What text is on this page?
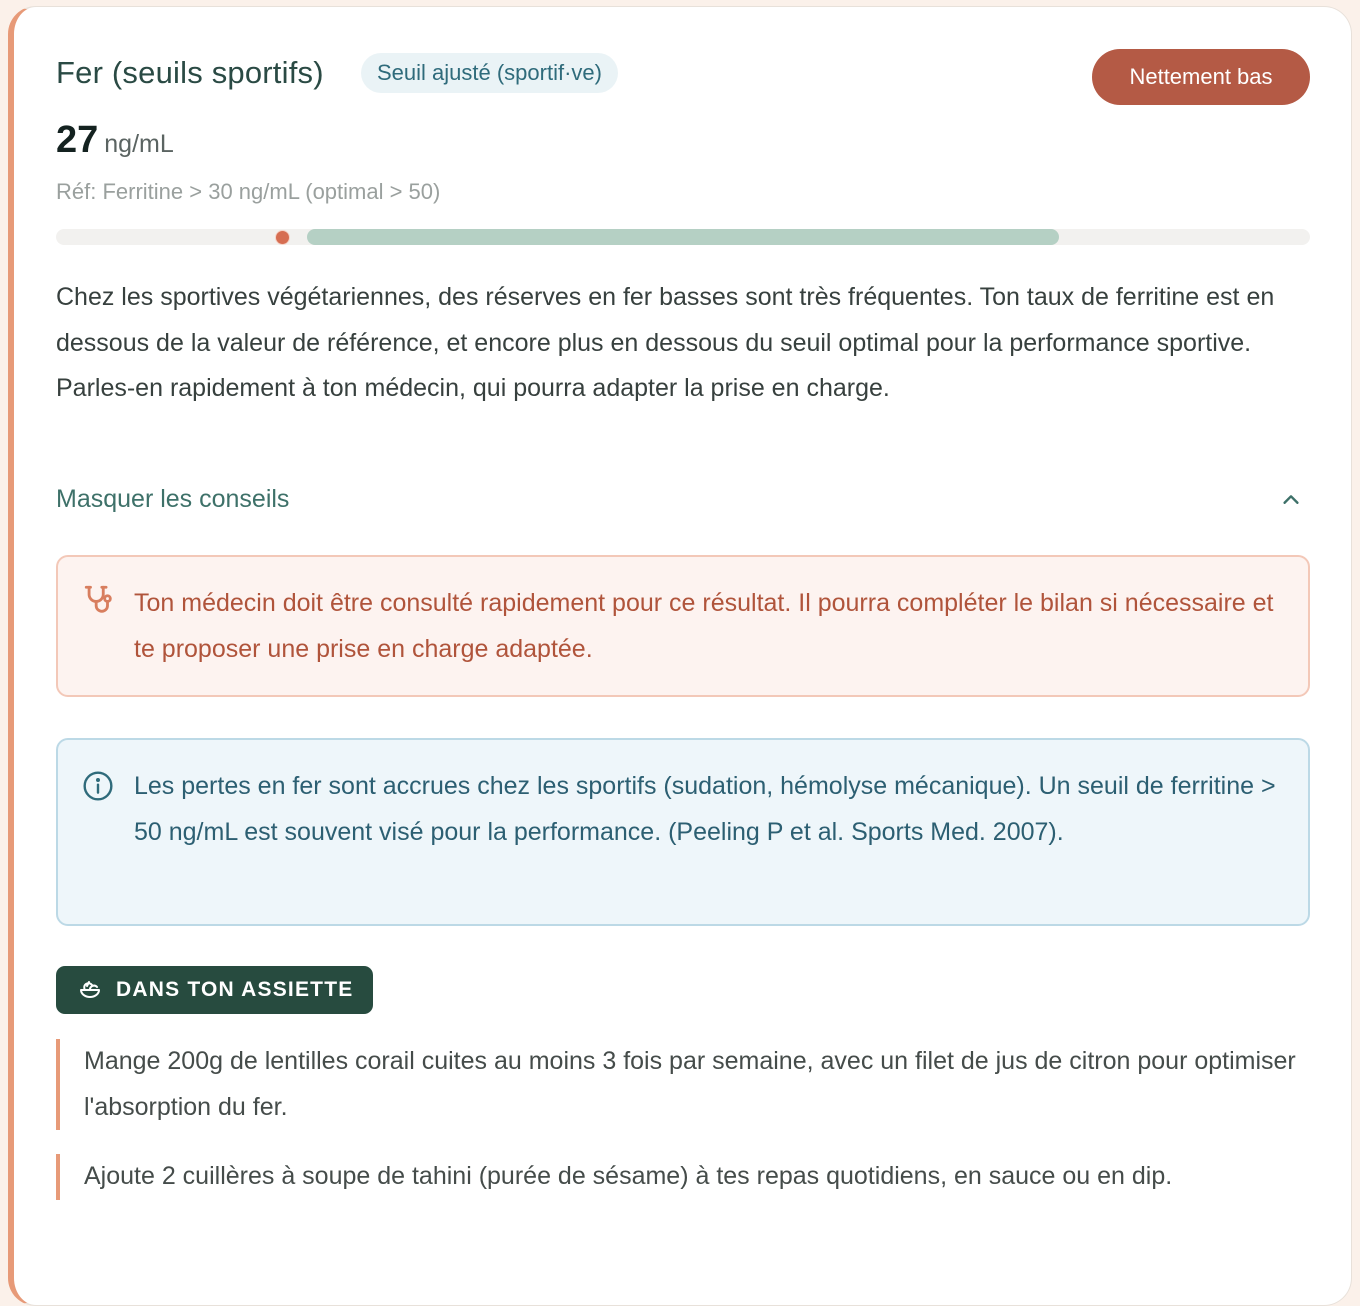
Fer (seuils sportifs)	Seuil ajusté (sportif·ve)	Nettement bas
27 ng/mL
Réf: Ferritine > 30 ng/mL (optimal > 50)
Chez les sportives végétariennes, des réserves en fer basses sont très fréquentes. Ton taux de ferritine est en dessous de la valeur de référence, et encore plus en dessous du seuil optimal pour la performance sportive. Parles-en rapidement à ton médecin, qui pourra adapter la prise en charge.
Masquer les conseils
Ton médecin doit être consulté rapidement pour ce résultat. Il pourra compléter le bilan si nécessaire et te proposer une prise en charge adaptée.
Les pertes en fer sont accrues chez les sportifs (sudation, hémolyse mécanique). Un seuil de ferritine > 50 ng/mL est souvent visé pour la performance. (Peeling P et al. Sports Med. 2007).
DANS TON ASSIETTE
Mange 200g de lentilles corail cuites au moins 3 fois par semaine, avec un filet de jus de citron pour optimiser l'absorption du fer.
Ajoute 2 cuillères à soupe de tahini (purée de sésame) à tes repas quotidiens, en sauce ou en dip.
